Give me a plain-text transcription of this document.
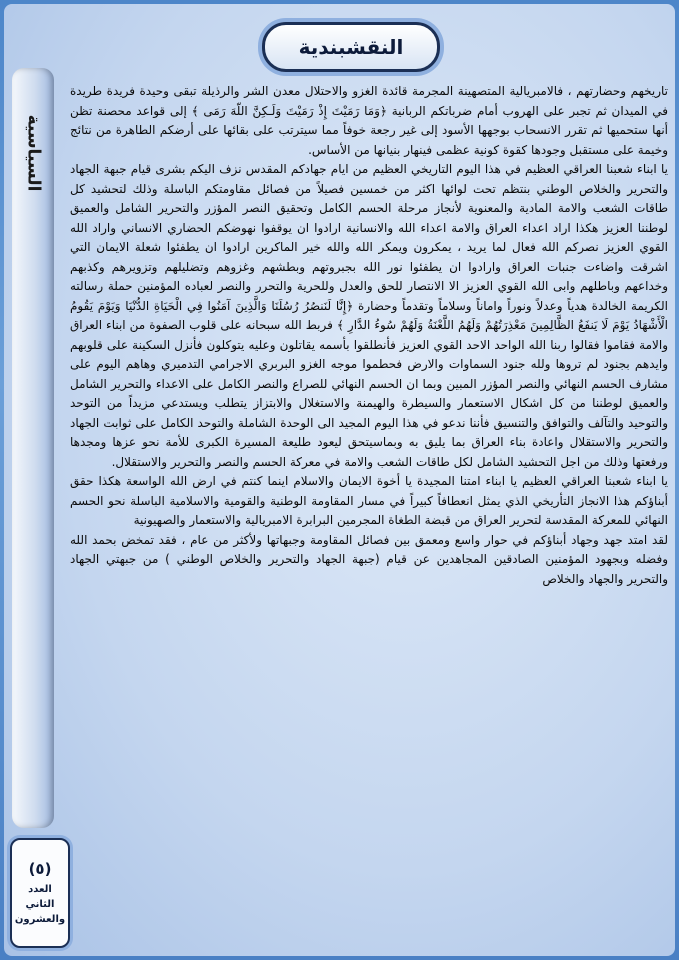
النقشبندية
السياسية
(٥)
العدد
الثاني
والعشرون

تاريخهم وحضارتهم ، فالامبريالية المتصهينة المجرمة قائدة الغزو والاحتلال معدن الشر والرذيلة تبقى وحيدة فريدة طريدة في الميدان ثم تجبر على الهروب أمام ضرباتكم الربانية ﴿وَمَا رَمَيْتَ إِذْ رَمَيْتَ وَلَـكِنَّ اللّهَ رَمَى ﴾ إلى قواعد محصنة تظن أنها ستحميها ثم تقرر الانسحاب بوجهها الأسود إلى غير رجعة خوفاً مما سيترتب على بقائها على أرضكم الطاهرة من نتائج وخيمة على مستقبل وجودها كقوة كونية عظمى فينهار بنيانها من الأساس.

يا ابناء شعبنا العراقي العظيم في هذا اليوم التاريخي العظيم من ايام جهادكم المقدس نزف اليكم بشرى قيام جبهة الجهاد والتحرير والخلاص الوطني بنتظم تحت لوائها اكثر من خمسين فصيلاً من فصائل مقاومتكم الباسلة وذلك لتحشيد كل طاقات الشعب والامة المادية والمعنوية لأنجاز مرحلة الحسم الكامل وتحقيق النصر المؤزر والتحرير الشامل والعميق لوطننا العزيز هكذا اراد اعداء العراق والامة اعداء الله والانسانية ارادوا ان يوقفوا نهوضكم الحضاري الانساني واراد الله القوي العزيز نصركم الله فعال لما يريد ، يمكرون ويمكر الله والله خير الماكرين ارادوا ان يطفئوا شعلة الايمان التي اشرقت واضاءت جنبات العراق وارادوا ان يطفئوا نور الله بجبروتهم وبطشهم وغزوهم وتضليلهم وتزويرهم وكذبهم وخداعهم وباطلهم وابى الله القوي العزيز الا الانتصار للحق والعدل وللحرية والتحرر والنصر لعباده المؤمنين حملة رسالته الكريمة الخالدة هدياً وعدلاً ونوراً واماناً وسلاماً وتقدماً وحضارة ﴿إِنَّا لَنَنصُرُ رُسُلَنَا وَالَّذِينَ آمَنُوا فِي الْحَيَاةِ الدُّنْيَا وَيَوْمَ يَقُومُ الْأَشْهَادُ يَوْمَ لَا يَنفَعُ الظَّالِمِينَ مَعْذِرَتُهُمْ وَلَهُمُ اللَّعْنَةُ وَلَهُمْ سُوءُ الدَّارِ ﴾ فربط الله سبحانه على قلوب الصفوة من ابناء العراق والامة فقاموا فقالوا ربنا الله الواحد الاحد القوي العزيز فأنطلقوا بأسمه يقاتلون وعليه يتوكلون فأنزل السكينة على قلوبهم وايدهم بجنود لم تروها ولله جنود السماوات والارض فحطموا موجه الغزو البربري الاجرامي التدميري وهاهم اليوم على مشارف الحسم النهائي والنصر المؤزر المبين وبما ان الحسم النهائي للصراع والنصر الكامل على الاعداء والتحرير الشامل والعميق لوطننا من كل اشكال الاستعمار والسيطرة والهيمنة والاستغلال والابتزاز يتطلب ويستدعي مزيداً من التوحد والتوحيد والتآلف والتوافق والتنسيق فأننا ندعو في هذا اليوم المجيد الى الوحدة الشاملة والتوحد الكامل على ثوابت الجهاد والتحرير والاستقلال واعادة بناء العراق بما يليق به وبماسيتحق ليعود طليعة المسيرة الكبرى للأمة نحو عزها ومجدها ورفعتها وذلك من اجل التحشيد الشامل لكل طاقات الشعب والامة في معركة الحسم والنصر والتحرير والاستقلال.

يا ابناء شعبنا العراقي العظيم يا ابناء امتنا المجيدة يا أخوة الايمان والاسلام اينما كنتم في ارض الله الواسعة هكذا حقق أبناؤكم هذا الانجاز التأريخي الذي يمثل انعطافاً كبيراً في مسار المقاومة الوطنية والقومية والاسلامية الباسلة نحو الحسم النهائي للمعركة المقدسة لتحرير العراق من قبضة الطغاة المجرمين البرابرة الامبريالية والاستعمار والصهيونية

لقد امتد جهد وجهاد أبناؤكم في حوار واسع ومعمق بين فصائل المقاومة وجبهاتها ولأكثر من عام ، فقد تمخض بحمد الله وفضله وبجهود المؤمنين الصادقين المجاهدين عن قيام (جبهة الجهاد والتحرير والخلاص الوطني ) من جبهتي الجهاد والتحرير والجهاد والخلاص
